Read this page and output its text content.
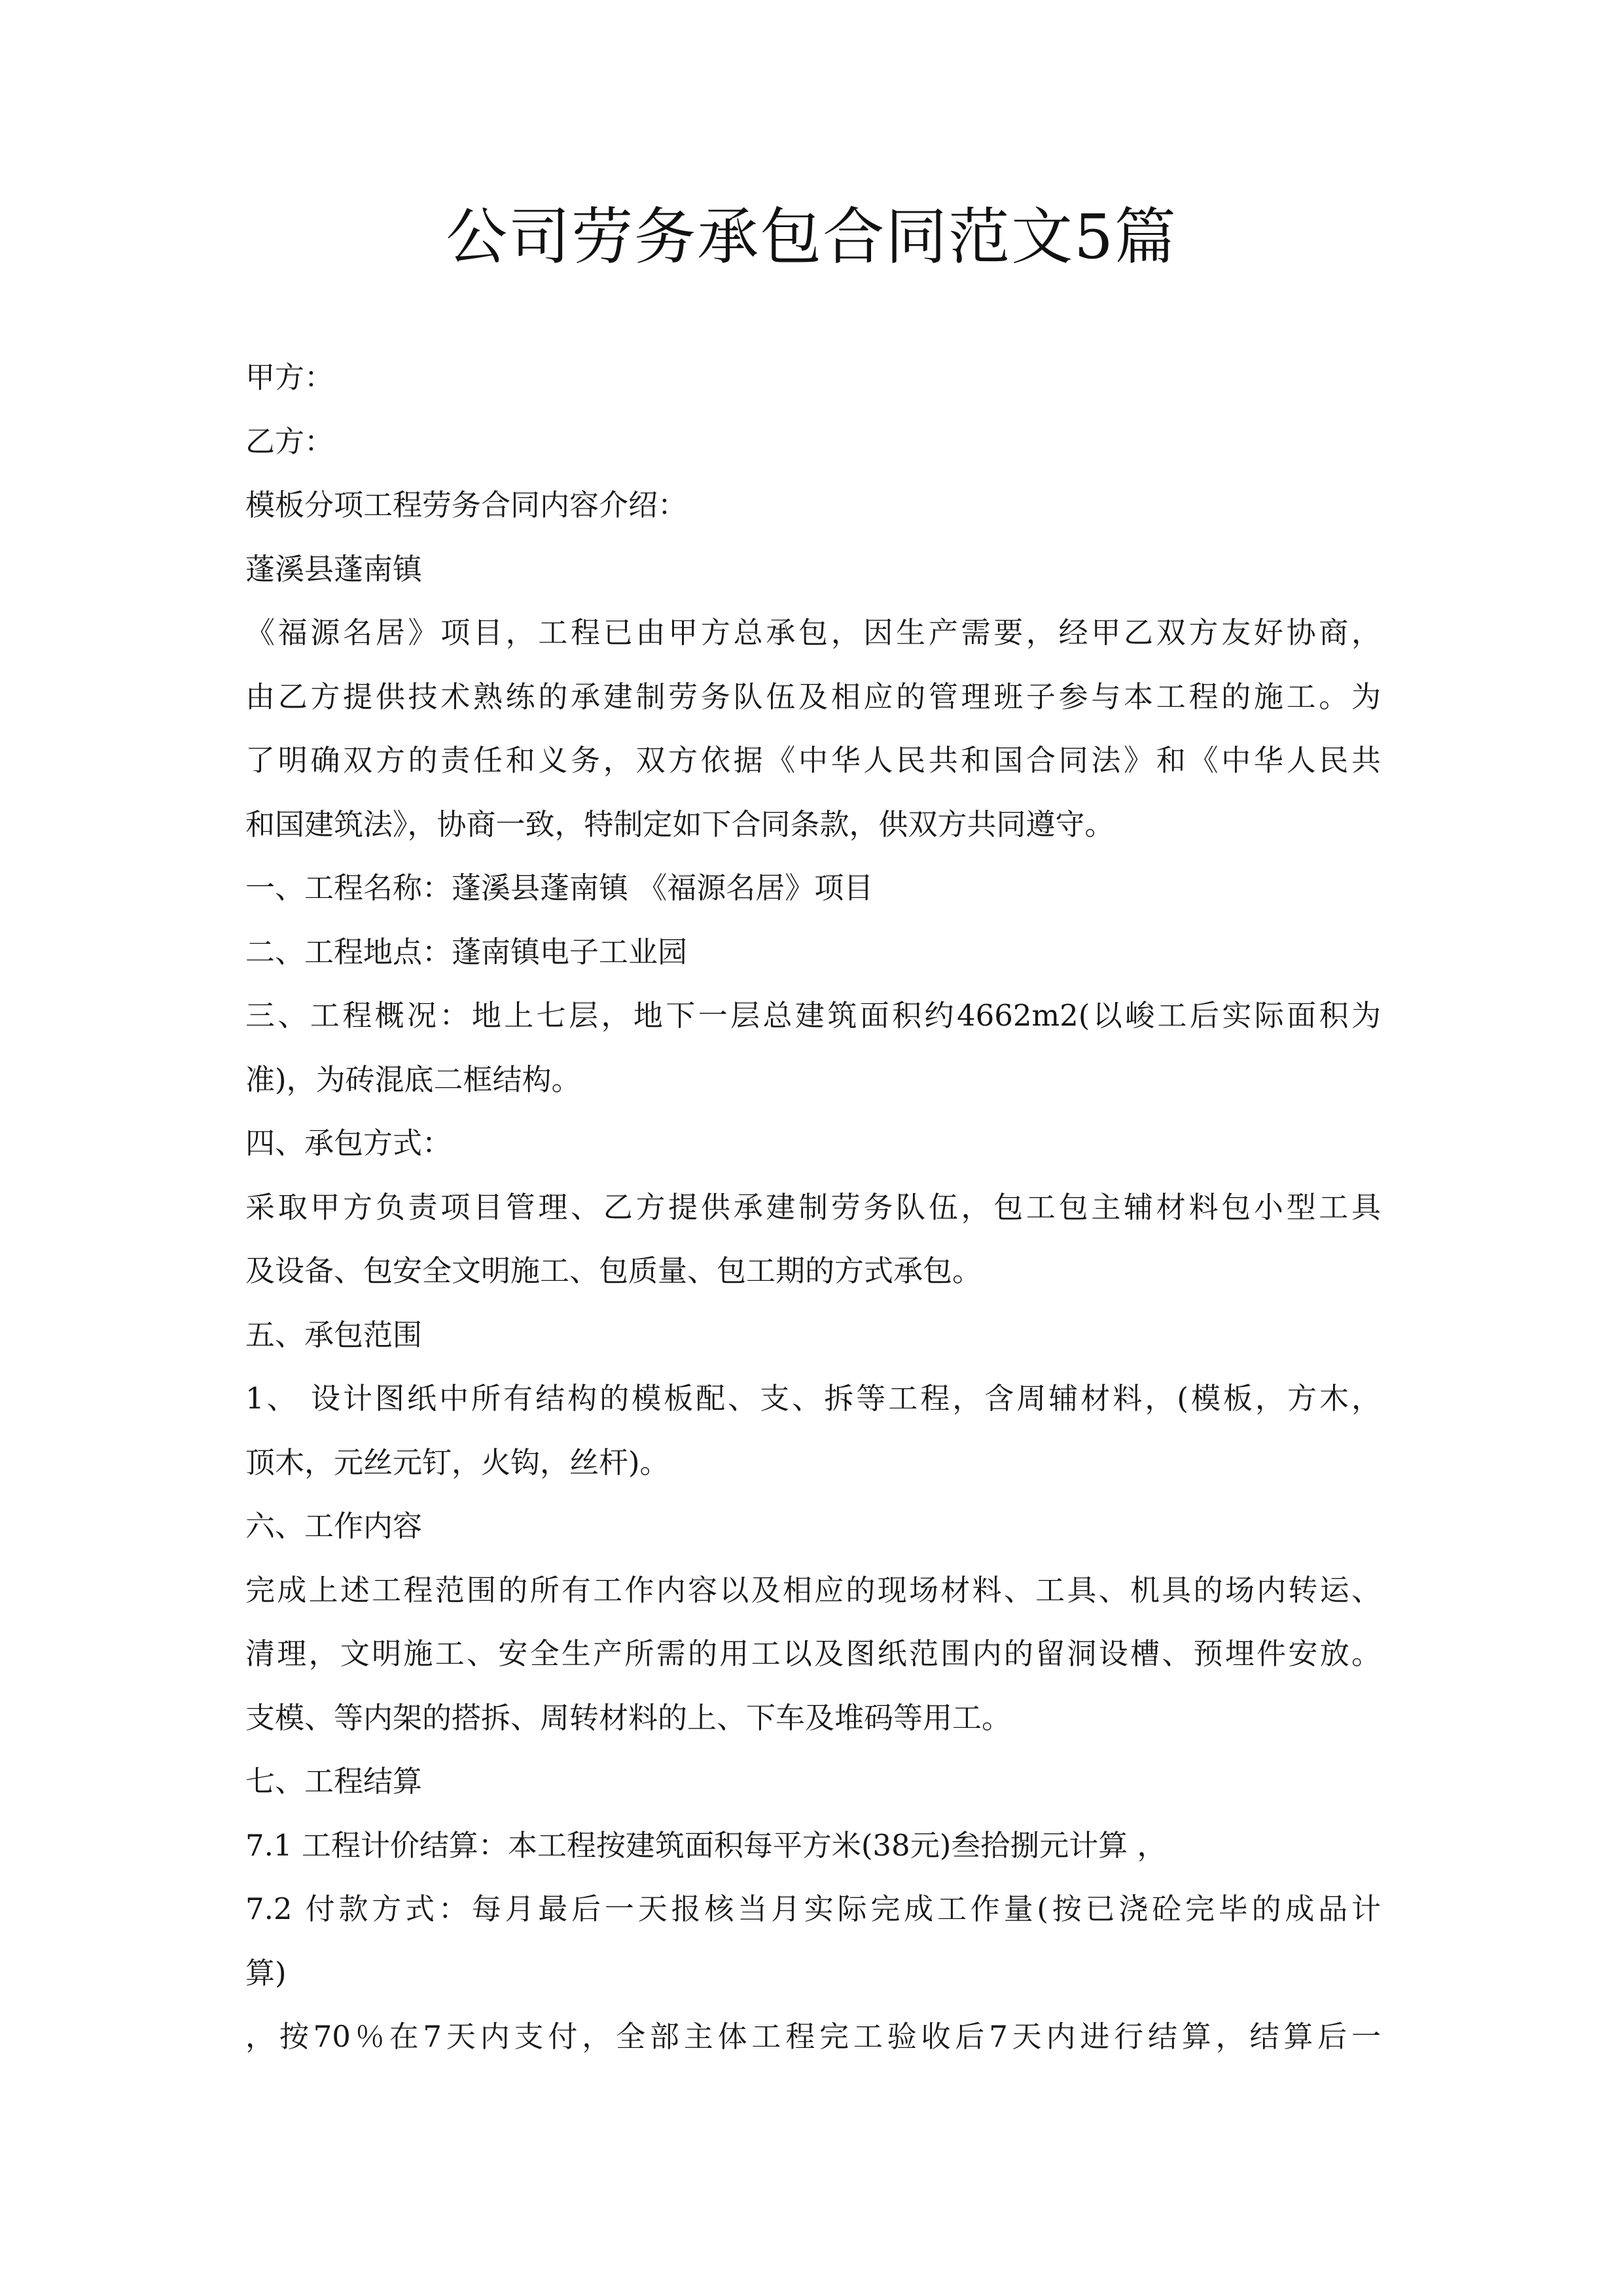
公司劳务承包合同范文5篇
甲方：
乙方：
模板分项工程劳务合同内容介绍：
蓬溪县蓬南镇
《福源名居》项目，工程已由甲方总承包，因生产需要，经甲乙双方友好协商，
由乙方提供技术熟练的承建制劳务队伍及相应的管理班子参与本工程的施工。为
了明确双方的责任和义务，双方依据《中华人民共和国合同法》和《中华人民共
和国建筑法》，协商一致，特制定如下合同条款，供双方共同遵守。
一、工程名称：蓬溪县蓬南镇 《福源名居》项目
二、工程地点：蓬南镇电子工业园
三、工程概况：地上七层，地下一层总建筑面积约4662m2(以峻工后实际面积为
准)，为砖混底二框结构。
四、承包方式：
采取甲方负责项目管理、乙方提供承建制劳务队伍，包工包主辅材料包小型工具
及设备、包安全文明施工、包质量、包工期的方式承包。
五、承包范围
1、 设计图纸中所有结构的模板配、支、拆等工程，含周辅材料，(模板，方木，
顶木，元丝元钉，火钩，丝杆)。
六、工作内容
完成上述工程范围的所有工作内容以及相应的现场材料、工具、机具的场内转运、
清理，文明施工、安全生产所需的用工以及图纸范围内的留洞设槽、预埋件安放。
支模、等内架的搭拆、周转材料的上、下车及堆码等用工。
七、工程结算
7.1 工程计价结算：本工程按建筑面积每平方米(38元)叁拾捌元计算 ，
7.2 付款方式：每月最后一天报核当月实际完成工作量(按已浇砼完毕的成品计
算)
，按70％在7天内支付，全部主体工程完工验收后7天内进行结算，结算后一
